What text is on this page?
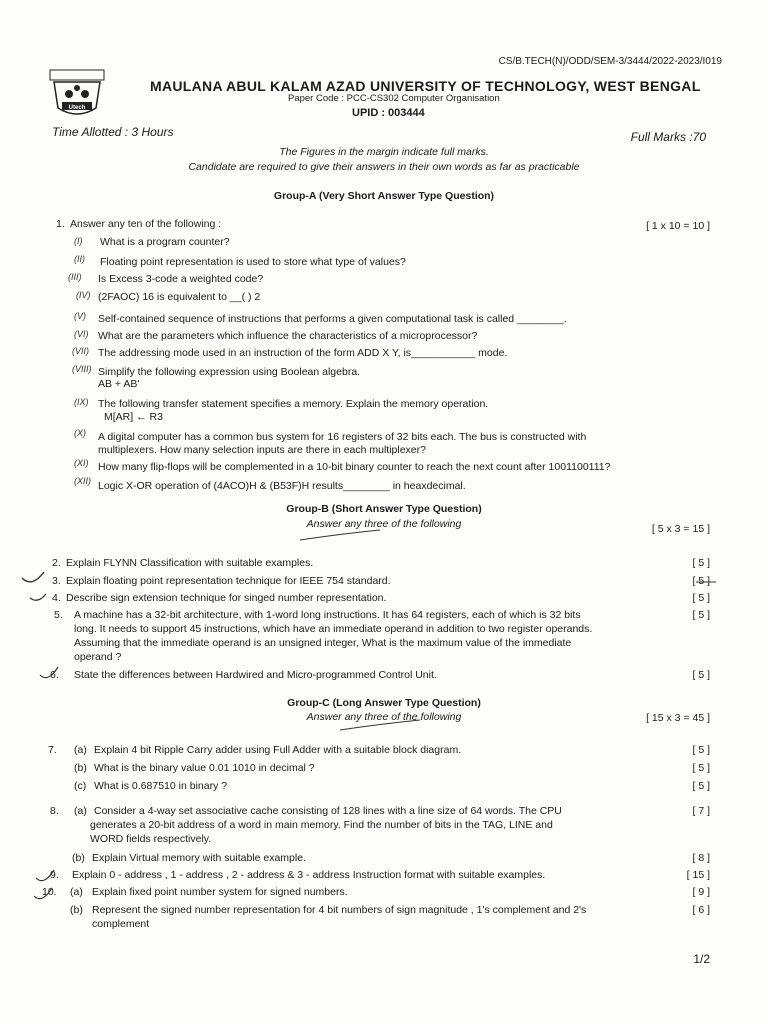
CS/B.TECH(N)/ODD/SEM-3/3444/2022-2023/I019
Utech
MAULANA ABUL KALAM AZAD UNIVERSITY OF TECHNOLOGY, WEST BENGAL
Paper Code : PCC-CS302 Computer Organisation
UPID : 003444
Time Allotted : 3 Hours	Full Marks :70
The Figures in the margin indicate full marks.
Candidate are required to give their answers in their own words as far as practicable
Group-A (Very Short Answer Type Question)
1. Answer any ten of the following :	[ 1 x 10 = 10 ]
(I) What is a program counter?
(II) Floating point representation is used to store what type of values?
(III) Is Excess 3-code a weighted code?
(IV) (2FAOC) 16 is equivalent to __( ) 2
(V) Self-contained sequence of instructions that performs a given computational task is called ________.
(VI) What are the parameters which influence the characteristics of a microprocessor?
(VII) The addressing mode used in an instruction of the form ADD X Y, is___________ mode.
(VIII) Simplify the following expression using Boolean algebra.
AB + AB'
(IX) The following transfer statement specifies a memory. Explain the memory operation.
M[AR] ← R3
(X) A digital computer has a common bus system for 16 registers of 32 bits each. The bus is constructed with
multiplexers. How many selection inputs are there in each multiplexer?
(XI) How many flip-flops will be complemented in a 10-bit binary counter to reach the next count after 1001100111?
(XII) Logic X-OR operation of (4ACO)H & (B53F)H results________ in heaxdecimal.
Group-B (Short Answer Type Question)
Answer any three of the following	[ 5 x 3 = 15 ]
2. Explain FLYNN Classification with suitable examples.	[ 5 ]
3. Explain floating point representation technique for IEEE 754 standard.	[ 5 ]
4. Describe sign extension technique for singed number representation.	[ 5 ]
5. A machine has a 32-bit architecture, with 1-word long instructions. It has 64 registers, each of which is 32 bits	[ 5 ]
long. It needs to support 45 instructions, which have an immediate operand in addition to two register operands.
Assuming that the immediate operand is an unsigned integer, What is the maximum value of the immediate
operand ?
6. State the differences between Hardwired and Micro-programmed Control Unit.	[ 5 ]
Group-C (Long Answer Type Question)
Answer any three of the following	[ 15 x 3 = 45 ]
7. (a) Explain 4 bit Ripple Carry adder using Full Adder with a suitable block diagram.	[ 5 ]
(b) What is the binary value 0.01 1010 in decimal ?	[ 5 ]
(c) What is 0.687510 in binary ?	[ 5 ]
8. (a) Consider a 4-way set associative cache consisting of 128 lines with a line size of 64 words. The CPU	[ 7 ]
generates a 20-bit address of a word in main memory. Find the number of bits in the TAG, LINE and
WORD fields respectively.
(b) Explain Virtual memory with suitable example.	[ 8 ]
9. Explain 0 - address , 1 - address , 2 - address & 3 - address Instruction format with suitable examples.	[ 15 ]
10. (a) Explain fixed point number system for signed numbers.	[ 9 ]
(b) Represent the signed number representation for 4 bit numbers of sign magnitude , 1's complement and 2's	[ 6 ]
complement
1/2
